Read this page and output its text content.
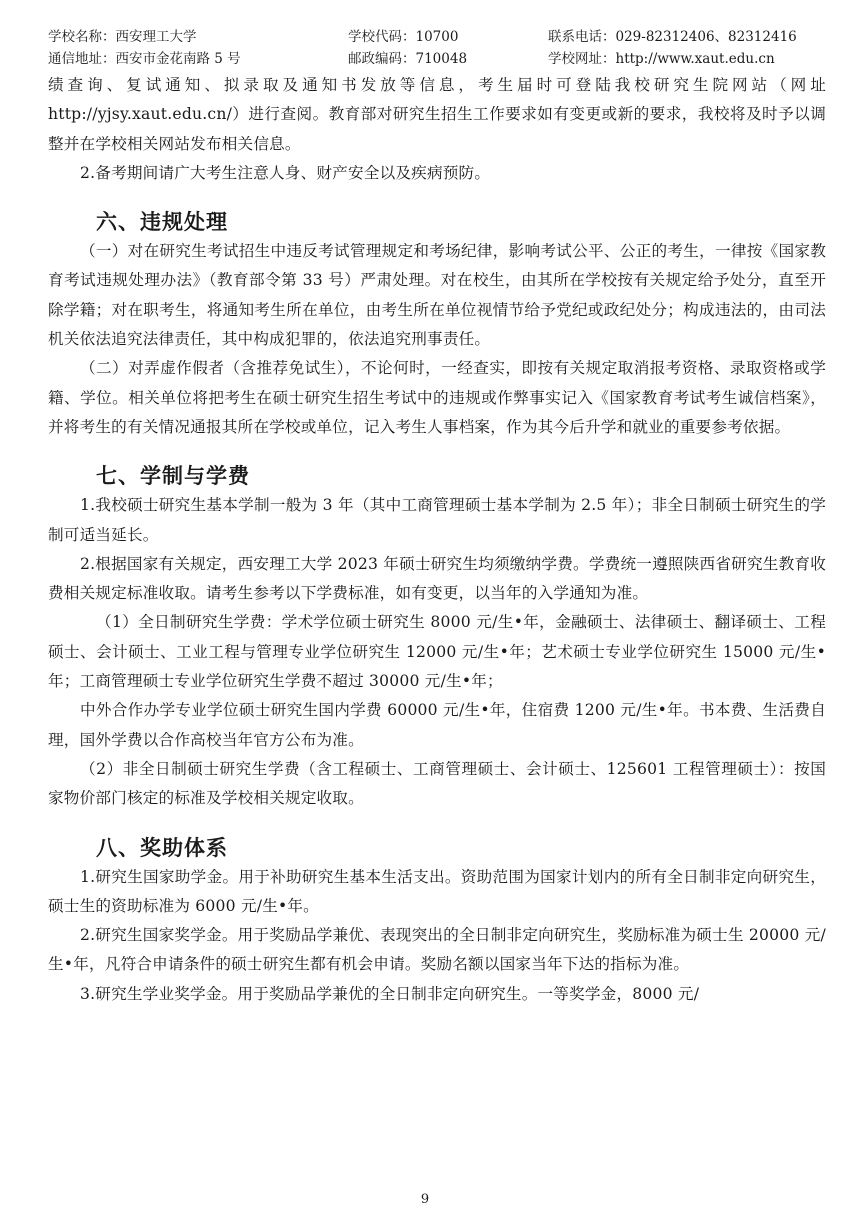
学校名称：西安理工大学	学校代码：10700	联系电话：029-82312406、82312416
通信地址：西安市金花南路 5 号	邮政编码：710048	学校网址：http://www.xaut.edu.cn

绩查询、复试通知、拟录取及通知书发放等信息，考生届时可登陆我校研究生院网站（网址http://yjsy.xaut.edu.cn/）进行查阅。教育部对研究生招生工作要求如有变更或新的要求，我校将及时予以调整并在学校相关网站发布相关信息。

2.备考期间请广大考生注意人身、财产安全以及疾病预防。

六、违规处理

（一）对在研究生考试招生中违反考试管理规定和考场纪律，影响考试公平、公正的考生，一律按《国家教育考试违规处理办法》（教育部令第 33 号）严肃处理。对在校生，由其所在学校按有关规定给予处分，直至开除学籍；对在职考生，将通知考生所在单位，由考生所在单位视情节给予党纪或政纪处分；构成违法的，由司法机关依法追究法律责任，其中构成犯罪的，依法追究刑事责任。

（二）对弄虚作假者（含推荐免试生），不论何时，一经查实，即按有关规定取消报考资格、录取资格或学籍、学位。相关单位将把考生在硕士研究生招生考试中的违规或作弊事实记入《国家教育考试考生诚信档案》，并将考生的有关情况通报其所在学校或单位，记入考生人事档案，作为其今后升学和就业的重要参考依据。

七、学制与学费

1.我校硕士研究生基本学制一般为 3 年（其中工商管理硕士基本学制为 2.5 年）；非全日制硕士研究生的学制可适当延长。

2.根据国家有关规定，西安理工大学 2023 年硕士研究生均须缴纳学费。学费统一遵照陕西省研究生教育收费相关规定标准收取。请考生参考以下学费标准，如有变更，以当年的入学通知为准。

（1）全日制研究生学费：学术学位硕士研究生 8000 元/生•年，金融硕士、法律硕士、翻译硕士、工程硕士、会计硕士、工业工程与管理专业学位研究生 12000 元/生•年；艺术硕士专业学位研究生 15000 元/生•年；工商管理硕士专业学位研究生学费不超过 30000 元/生•年；

中外合作办学专业学位硕士研究生国内学费 60000 元/生•年，住宿费 1200 元/生•年。书本费、生活费自理，国外学费以合作高校当年官方公布为准。

（2）非全日制硕士研究生学费（含工程硕士、工商管理硕士、会计硕士、125601 工程管理硕士）：按国家物价部门核定的标准及学校相关规定收取。

八、奖助体系

1.研究生国家助学金。用于补助研究生基本生活支出。资助范围为国家计划内的所有全日制非定向研究生，硕士生的资助标准为 6000 元/生•年。

2.研究生国家奖学金。用于奖励品学兼优、表现突出的全日制非定向研究生，奖励标准为硕士生 20000 元/生•年，凡符合申请条件的硕士研究生都有机会申请。奖励名额以国家当年下达的指标为准。

3.研究生学业奖学金。用于奖励品学兼优的全日制非定向研究生。一等奖学金，8000 元/

9
